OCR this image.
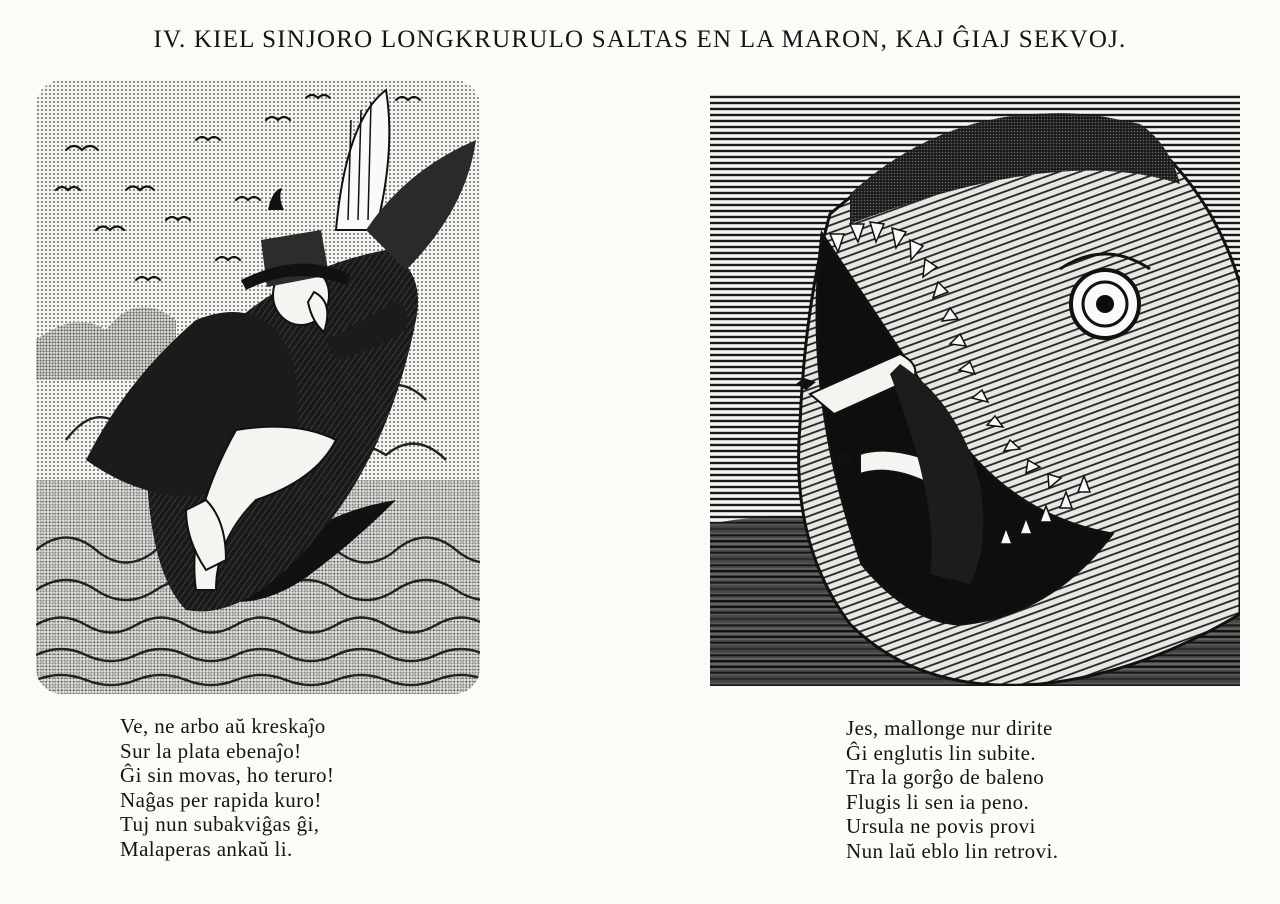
IV. KIEL SINJORO LONGKRURULO SALTAS EN LA MARON, KAJ ĜIAJ SEKVOJ.
Ve, ne arbo aŭ kreskaĵo
Sur la plata ebenaĵo!
Ĝi sin movas, ho teruro!
Naĝas per rapida kuro!
Tuj nun subakviĝas ĝi,
Malaperas ankaŭ li.
Jes, mallonge nur dirite
Ĝi englutis lin subite.
Tra la gorĝo de baleno
Flugis li sen ia peno.
Ursula ne povis provi
Nun laŭ eblo lin retrovi.
